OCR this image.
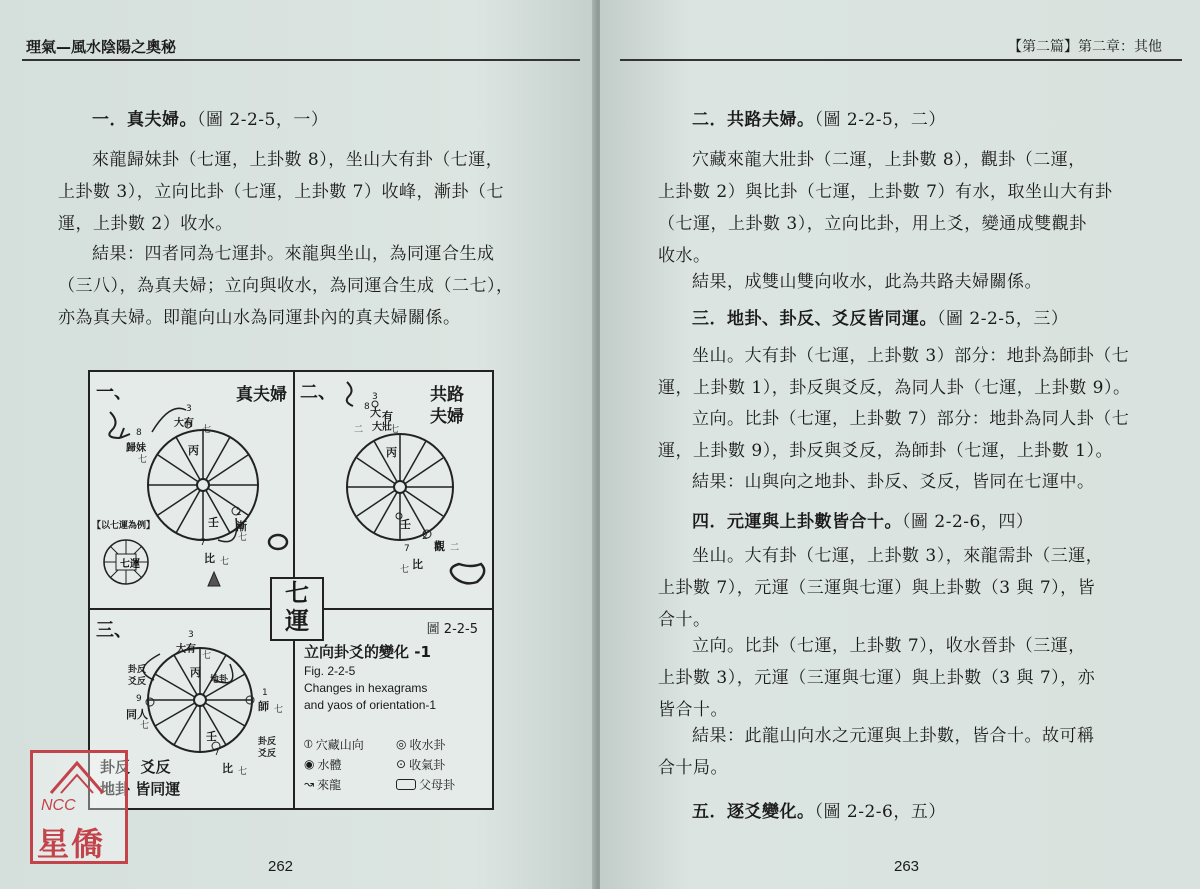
理氣—風水陰陽之奧秘
一．真夫婦。（圖 2-2-5，一）
來龍歸妹卦（七運，上卦數 8），坐山大有卦（七運，
上卦數 3），立向比卦（七運，上卦數 7）收峰，漸卦（七
運，上卦數 2）收水。
結果：四者同為七運卦。來龍與坐山，為同運合生成
（三八），為真夫婦；立向與收水，為同運合生成（二七），
亦為真夫婦。即龍向山水為同運卦內的真夫婦關係。
一、	真夫婦
3
大有
七
8
歸妹
七
丙
壬
2
漸
七
7
比 七
【以七運為例】
七運
二、	共路
夫婦
3
8 大 有
大壯
二	七
丙
壬
2
觀 二
7
比
七
七
運
三、	3
大有
七
卦反
爻反
丙
地卦
1
師 七
9
同人
七
壬	卦反
爻反
7
比 七
卦反  爻反
地卦 皆同運
圖 2-2-5
立向卦爻的變化 -1
Fig. 2-2-5
Changes in hexagrams
and yaos of orientation-1
⦶ 穴藏山向	◎ 收水卦
◉ 水體	⊙ 收氣卦
↝ 來龍	父母卦
NCC
星僑
262
【第二篇】第二章：其他
二．共路夫婦。（圖 2-2-5，二）
穴藏來龍大壯卦（二運，上卦數 8），觀卦（二運，
上卦數 2）與比卦（七運，上卦數 7）有水，取坐山大有卦
（七運，上卦數 3），立向比卦，用上爻，變通成雙觀卦
收水。
結果，成雙山雙向收水，此為共路夫婦關係。
三．地卦、卦反、爻反皆同運。（圖 2-2-5，三）
坐山。大有卦（七運，上卦數 3）部分：地卦為師卦（七
運，上卦數 1），卦反與爻反，為同人卦（七運，上卦數 9）。
立向。比卦（七運，上卦數 7）部分：地卦為同人卦（七
運，上卦數 9），卦反與爻反，為師卦（七運，上卦數 1）。
結果：山與向之地卦、卦反、爻反，皆同在七運中。
四．元運與上卦數皆合十。（圖 2-2-6，四）
坐山。大有卦（七運，上卦數 3），來龍需卦（三運，
上卦數 7），元運（三運與七運）與上卦數（3 與 7），皆
合十。
立向。比卦（七運，上卦數 7），收水晉卦（三運，
上卦數 3），元運（三運與七運）與上卦數（3 與 7），亦
皆合十。
結果：此龍山向水之元運與上卦數，皆合十。故可稱
合十局。
五．逐爻變化。（圖 2-2-6，五）
263
